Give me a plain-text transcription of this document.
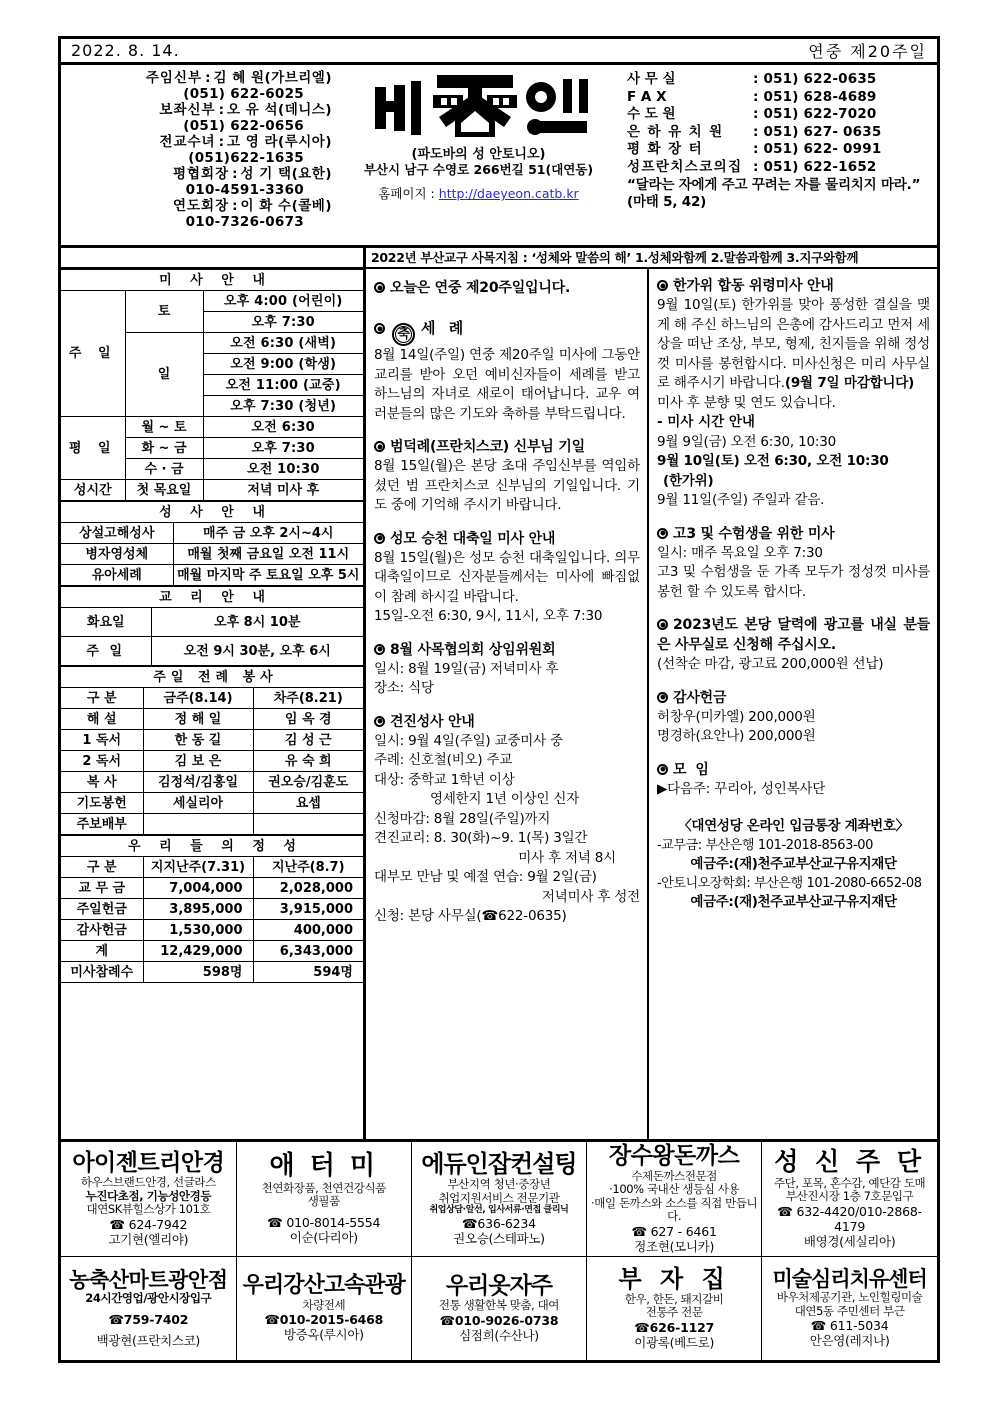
2022. 8. 14.	연중 제20주일
주임신부 : 김 혜 원(가브리엘)
(051) 622-6025
보좌신부 : 오 유 석(데니스)
(051) 622-0656
전교수녀 : 고 영 라(루시아)
(051)622-1635
평협회장 : 성 기 택(요한)
010-4591-3360
연도회장 : 이 화 수(콜베)
010-7326-0673
(파도바의 성 안토니오)
부산시 남구 수영로 266번길 51(대연동)
홈페이지 : http://daeyeon.catb.kr
사 무 실	: 051) 622-0635
F A X	: 051) 628-4689
수 도 원	: 051) 622-7020
은 하 유 치 원	: 051) 627- 0635
평 화 장 터	: 051) 622- 0991
성프란치스코의집 : 051) 622-1652
“달라는 자에게 주고 꾸려는 자를 물리치지 마라.” (마태 5, 42)
2022년 부산교구 사목지침 : ‘성체와 말씀의 해’ 1.성체와함께 2.말씀과함께 3.지구와함께
미 사 안 내		
주 일	토	오후 4:00 (어린이)
		오후 7:30
	일	오전 6:30 (새벽)
		오전 9:00 (학생)
		오전 11:00 (교중)
		오후 7:30 (청년)
평 일	월 ~ 토	오전 6:30
	화 ~ 금	오후 7:30
	수 · 금	오전 10:30
성시간	첫 목요일	저녁 미사 후
성 사 안 내	
상설고해성사	매주 금 오후 2시~4시
병자영성체	매월 첫째 금요일 오전 11시
유아세례	매월 마지막 주 토요일 오후 5시
교 리 안 내	
화요일	오후 8시 10분
주 일	오전 9시 30분, 오후 6시
주일 전례 봉사		
구 분	금주(8.14)	차주(8.21)
해 설	정 해 일	임 옥 경
1 독서	한 동 길	김 성 근
2 독서	김 보 은	유 숙 희
복 사	김정석/김홍일	권오승/김훈도
기도봉헌	세실리아	요셉
주보배부		
우 리 들 의 정 성		
구 분	지지난주(7.31)	지난주(8.7)
교 무 금	7,004,000	2,028,000
주일헌금	3,895,000	3,915,000
감사헌금	1,530,000	400,000
계	12,429,000	6,343,000
미사참례수	598명	594명
오늘은 연중 제20주일입니다.
축 세 례
8월 14일(주일) 연중 제20주일 미사에 그동안 교리를 받아 오던 예비신자들이 세례를 받고 하느님의 자녀로 새로이 태어납니다. 교우 여러분들의 많은 기도와 축하를 부탁드립니다.
범덕례(프란치스코) 신부님 기일
8월 15일(월)은 본당 초대 주임신부를 역임하셨던 범 프란치스코 신부님의 기일입니다. 기도 중에 기억해 주시기 바랍니다.
성모 승천 대축일 미사 안내
8월 15일(월)은 성모 승천 대축일입니다. 의무 대축일이므로 신자분들께서는 미사에 빠짐없이 참례 하시길 바랍니다.
15일-오전 6:30, 9시, 11시, 오후 7:30
8월 사목협의회 상임위원회
일시: 8월 19일(금) 저녁미사 후
장소: 식당
견진성사 안내
일시: 9월 4일(주일) 교중미사 중
주례: 신호철(비오) 주교
대상: 중학교 1학년 이상
영세한지 1년 이상인 신자
신청마감: 8월 28일(주일)까지
견진교리: 8. 30(화)~9. 1(목) 3일간
미사 후 저녁 8시
대부모 만남 및 예절 연습: 9월 2일(금)
저녁미사 후 성전
신청: 본당 사무실(☎622-0635)
한가위 합동 위령미사 안내
9월 10일(토) 한가위를 맞아 풍성한 결실을 맺게 해 주신 하느님의 은총에 감사드리고 먼저 세상을 떠난 조상, 부모, 형제, 친지들을 위해 정성껏 미사를 봉헌합시다. 미사신청은 미리 사무실로 해주시기 바랍니다.(9월 7일 마감합니다)
미사 후 분향 및 연도 있습니다.
- 미사 시간 안내
9월 9일(금) 오전 6:30, 10:30
9월 10일(토) 오전 6:30, 오전 10:30
(한가위)
9월 11일(주일) 주일과 같음.
고3 및 수험생을 위한 미사
일시: 매주 목요일 오후 7:30
고3 및 수험생을 둔 가족 모두가 정성껏 미사를 봉헌 할 수 있도록 합시다.
2023년도 본당 달력에 광고를 내실 분들은 사무실로 신청해 주십시오.
(선착순 마감, 광고료 200,000원 선납)
감사헌금
허창우(미카엘) 200,000원
명경하(요안나) 200,000원
모 임
▶다음주: 꾸리아, 성인복사단
〈대연성당 온라인 입금통장 계좌번호〉
-교무금: 부산은행 101-2018-8563-00
예금주:(재)천주교부산교구유지재단
-안토니오장학회: 부산은행 101-2080-6652-08
예금주:(재)천주교부산교구유지재단
아이젠트리안경
하우스브랜드안경, 선글라스
누진다초점, 기능성안경등
대연SK뷰힐스상가 101호
☎ 624-7942
고기현(엘리야)

애 터 미
천연화장품, 천연건강식품
생필품
☎ 010-8014-5554
이순(다리아)

에듀인잡컨설팅
부산지역 청년·중장년
취업지원서비스 전문기관
취업상담·알선, 입사서류·면접 클리닉
☎636-6234
권오승(스테파노)

장수왕돈까스
수제돈까스전문점
·100% 국내산 생등심 사용
·매일 돈까스와 소스를 직접 만듭니다.
☎ 627 - 6461
정조현(모니카)

성 신 주 단
주단, 포목, 혼수감, 예단감 도매
부산진시장 1층 7호문입구
☎ 632-4420/010-2868-4179
배영경(세실리아)

농축산마트광안점
24시간영업/광안시장입구
☎759-7402
백광현(프란치스코)

우리강산고속관광
차량전세
☎010-2015-6468
방증옥(루시아)

우리옷자주
전통 생활한복 맞춤, 대여
☎010-9026-0738
심점희(수산나)

부 자 집
한우, 한돈, 돼지갈비
전통주 전문
☎626-1127
이광록(베드로)

미술심리치유센터
바우처제공기관, 노인힐링미술
대연5동 주민센터 부근
☎ 611-5034
안은영(레지나)
